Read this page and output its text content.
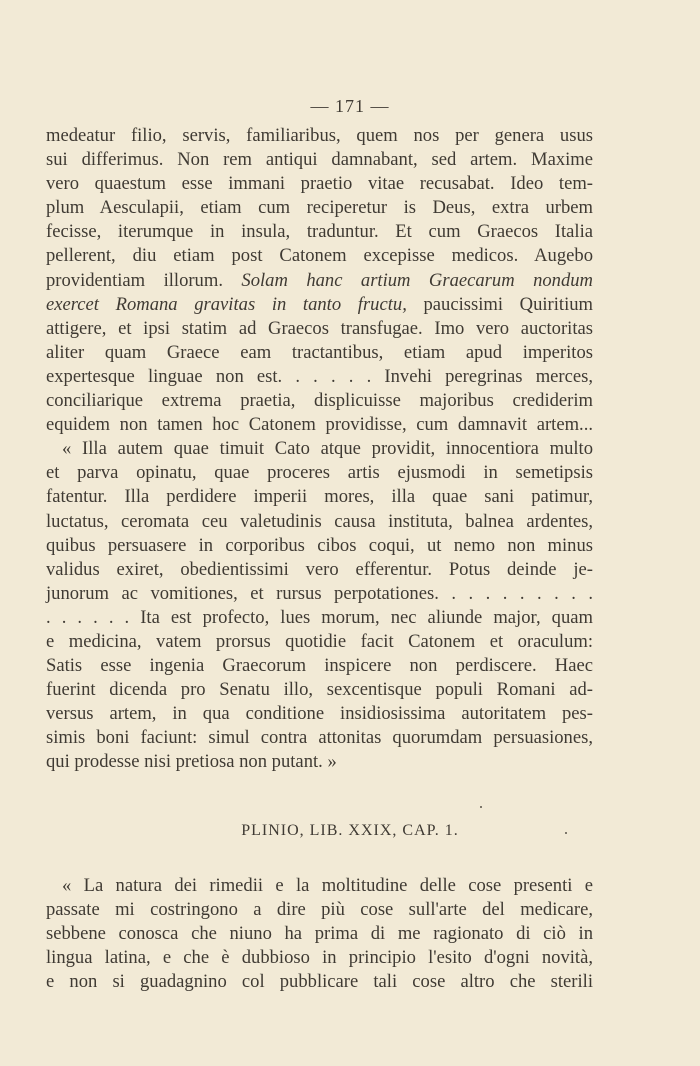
— 171 —
medeatur filio, servis, familiaribus, quem nos per genera usus
sui differimus. Non rem antiqui damnabant, sed artem. Maxime
vero quaestum esse immani praetio vitae recusabat. Ideo tem-
plum Aesculapii, etiam cum reciperetur is Deus, extra urbem
fecisse, iterumque in insula, traduntur. Et cum Graecos Italia
pellerent, diu etiam post Catonem excepisse medicos. Augebo
providentiam illorum. Solam hanc artium Graecarum nondum
exercet Romana gravitas in tanto fructu, paucissimi Quiritium
attigere, et ipsi statim ad Graecos transfugae. Imo vero auctoritas
aliter quam Graece eam tractantibus, etiam apud imperitos
expertesque linguae non est. . . . . . Invehi peregrinas merces,
conciliarique extrema praetia, displicuisse majoribus crediderim
equidem non tamen hoc Catonem providisse, cum damnavit artem...
« Illa autem quae timuit Cato atque providit, innocentiora multo
et parva opinatu, quae proceres artis ejusmodi in semetipsis
fatentur. Illa perdidere imperii mores, illa quae sani patimur,
luctatus, ceromata ceu valetudinis causa instituta, balnea ardentes,
quibus persuasere in corporibus cibos coqui, ut nemo non minus
validus exiret, obedientissimi vero efferentur. Potus deinde je-
junorum ac vomitiones, et rursus perpotationes. . . . . . . . . .
. . . . . . Ita est profecto, lues morum, nec aliunde major, quam
e medicina, vatem prorsus quotidie facit Catonem et oraculum:
Satis esse ingenia Graecorum inspicere non perdiscere. Haec
fuerint dicenda pro Senatu illo, sexcentisque populi Romani ad-
versus artem, in qua conditione insidiosissima autoritatem pes-
simis boni faciunt: simul contra attonitas quorumdam persuasiones,
qui prodesse nisi pretiosa non putant. »
PLINIO, LIB. XXIX, CAP. 1.
« La natura dei rimedii e la moltitudine delle cose presenti e
passate mi costringono a dire più cose sull'arte del medicare,
sebbene conosca che niuno ha prima di me ragionato di ciò in
lingua latina, e che è dubbioso in principio l'esito d'ogni novità,
e non si guadagnino col pubblicare tali cose altro che sterili
